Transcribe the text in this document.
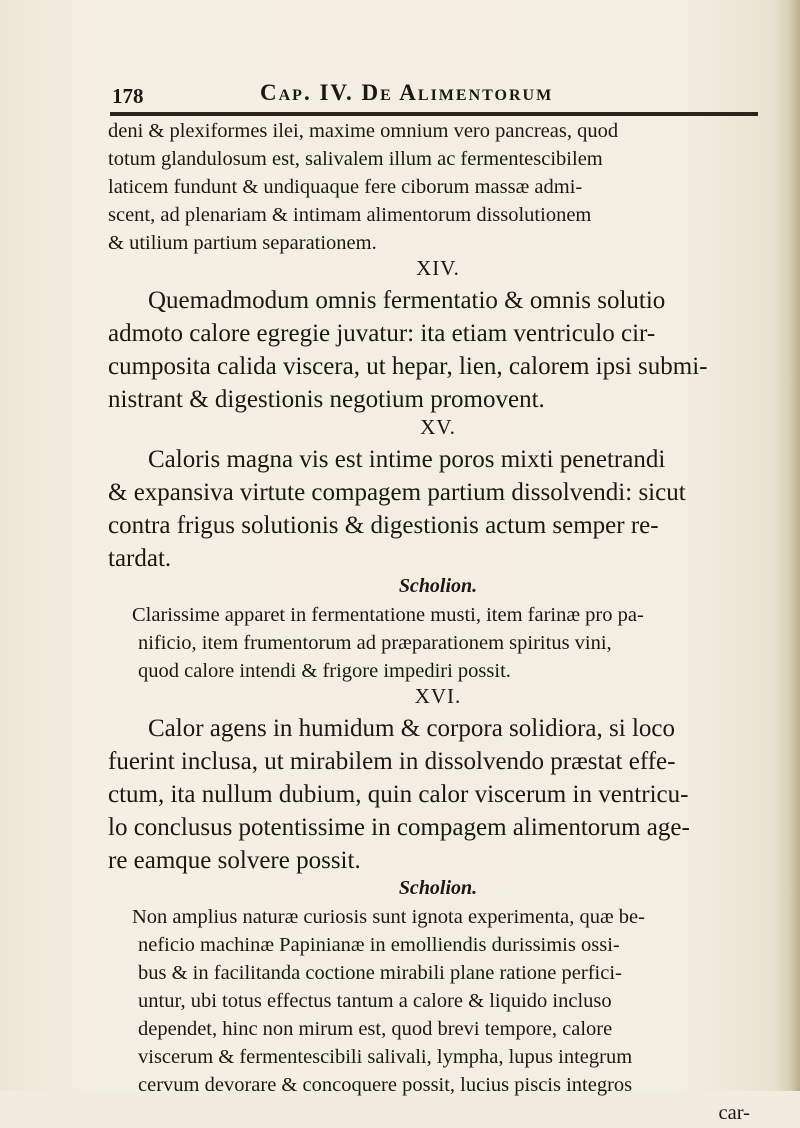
178	Cap. IV. De Alimentorum
deni & plexiformes ilei, maxime omnium vero pancreas, quod
totum glandulosum est, salivalem illum ac fermentescibilem
laticem fundunt & undiquaque fere ciborum massæ admi-
scent, ad plenariam & intimam alimentorum dissolutionem
& utilium partium separationem.
XIV.
Quemadmodum omnis fermentatio & omnis solutio
admoto calore egregie juvatur: ita etiam ventriculo cir-
cumposita calida viscera, ut hepar, lien, calorem ipsi submi-
nistrant & digestionis negotium promovent.
XV.
Caloris magna vis est intime poros mixti penetrandi
& expansiva virtute compagem partium dissolvendi: sicut
contra frigus solutionis & digestionis actum semper re-
tardat.
Scholion.
Clarissime apparet in fermentatione musti, item farinæ pro pa-
nificio, item frumentorum ad præparationem spiritus vini,
quod calore intendi & frigore impediri possit.
XVI.
Calor agens in humidum & corpora solidiora, si loco
fuerint inclusa, ut mirabilem in dissolvendo præstat effe-
ctum, ita nullum dubium, quin calor viscerum in ventricu-
lo conclusus potentissime in compagem alimentorum age-
re eamque solvere possit.
Scholion.
Non amplius naturæ curiosis sunt ignota experimenta, quæ be-
neficio machinæ Papinianæ in emolliendis durissimis ossi-
bus & in facilitanda coctione mirabili plane ratione perfici-
untur, ubi totus effectus tantum a calore & liquido inclusо
dependet, hinc non mirum est, quod brevi tempore, calore
viscerum & fermentescibili salivali, lympha, lupus integrum
cervum devorare & concoquere possit, lucius piscis integros
car-
